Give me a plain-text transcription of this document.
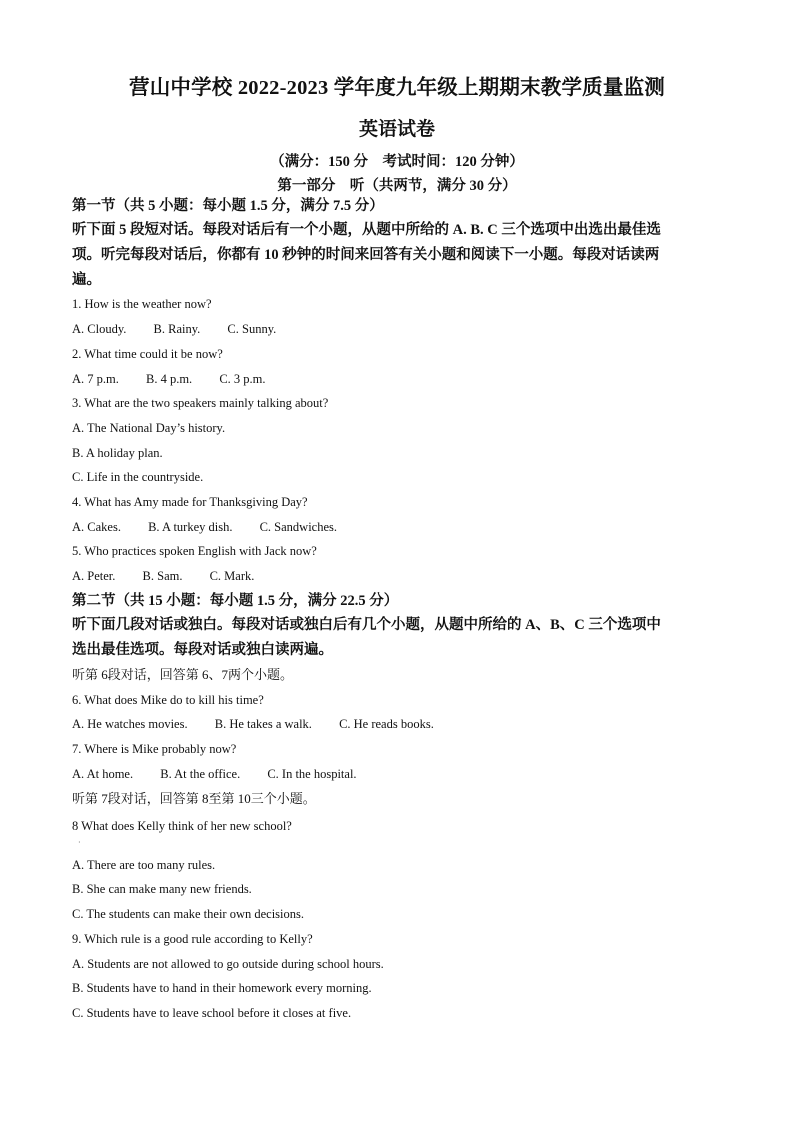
营山中学校 2022-2023 学年度九年级上期期末教学质量监测
英语试卷
（满分：150 分　考试时间：120 分钟）
第一部分　听（共两节，满分 30 分）
第一节（共 5 小题：每小题 1.5 分，满分 7.5 分）
听下面 5 段短对话。每段对话后有一个小题，从题中所给的 A. B. C 三个选项中出选出最佳选
项。听完每段对话后，你都有 10 秒钟的时间来回答有关小题和阅读下一小题。每段对话读两
遍。
1. How is the weather now?
A. Cloudy. B. Rainy. C. Sunny.
2. What time could it be now?
A. 7 p.m. B. 4 p.m. C. 3 p.m.
3. What are the two speakers mainly talking about?
A. The National Day’s history.
B. A holiday plan.
C. Life in the countryside.
4. What has Amy made for Thanksgiving Day?
A. Cakes. B. A turkey dish. C. Sandwiches.
5. Who practices spoken English with Jack now?
A. Peter. B. Sam. C. Mark.
第二节（共 15 小题：每小题 1.5 分，满分 22.5 分）
听下面几段对话或独白。每段对话或独白后有几个小题，从题中所给的 A、B、C 三个选项中
选出最佳选项。每段对话或独白读两遍。
听第 6段对话，回答第 6、7两个小题。
6. What does Mike do to kill his time?
A. He watches movies. B. He takes a walk. C. He reads books.
7. Where is Mike probably now?
A. At home. B. At the office. C. In the hospital.
听第 7段对话，回答第 8至第 10三个小题。
8 What does Kelly think of her new school?
·
A. There are too many rules.
B. She can make many new friends.
C. The students can make their own decisions.
9. Which rule is a good rule according to Kelly?
A. Students are not allowed to go outside during school hours.
B. Students have to hand in their homework every morning.
C. Students have to leave school before it closes at five.
